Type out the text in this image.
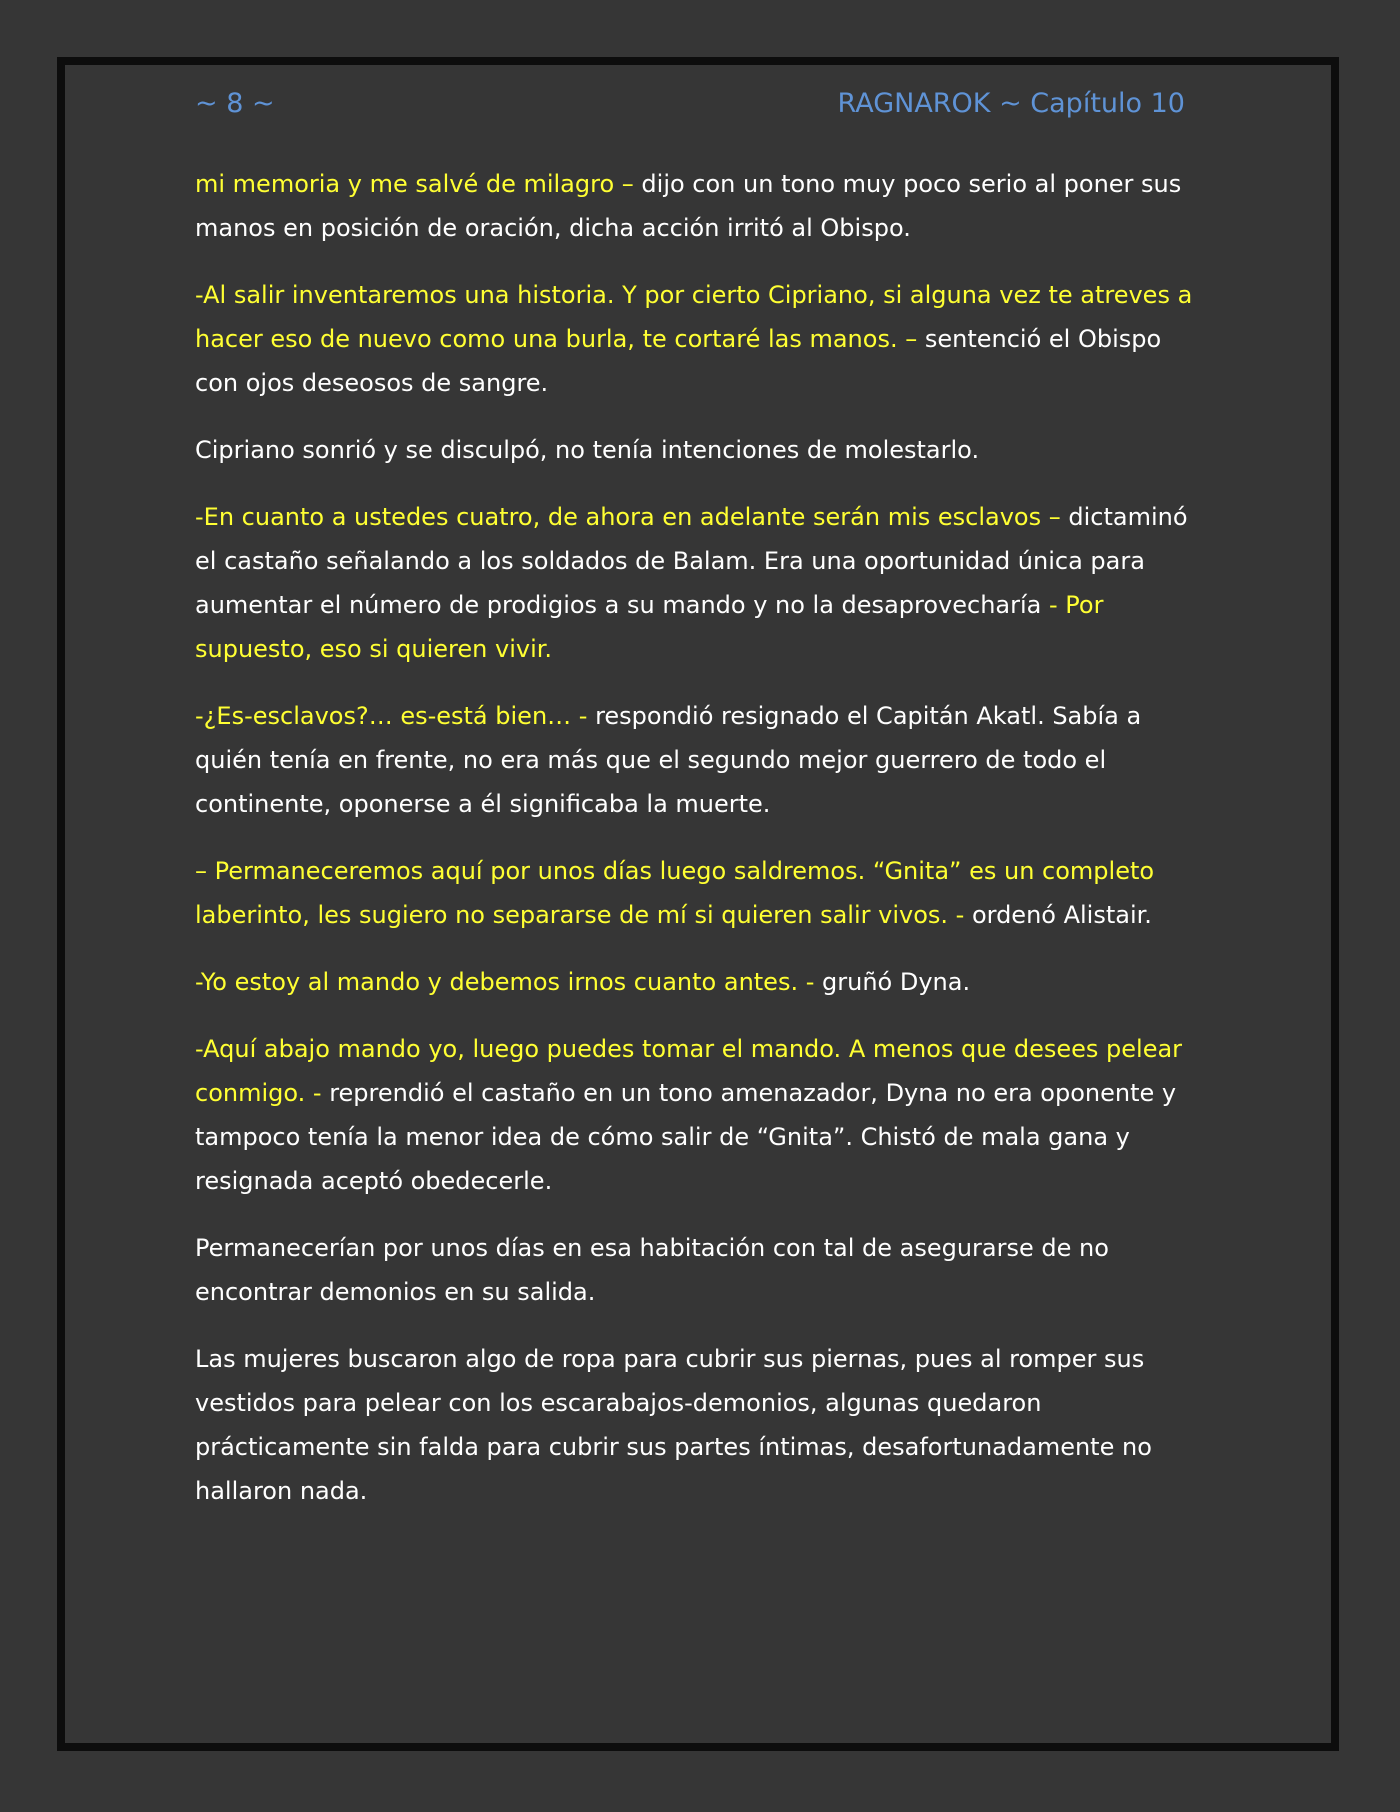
~ 8 ~	RAGNAROK ~ Capítulo 10

mi memoria y me salvé de milagro – dijo con un tono muy poco serio al poner sus manos en posición de oración, dicha acción irritó al Obispo.

-Al salir inventaremos una historia. Y por cierto Cipriano, si alguna vez te atreves a hacer eso de nuevo como una burla, te cortaré las manos. – sentenció el Obispo con ojos deseosos de sangre.

Cipriano sonrió y se disculpó, no tenía intenciones de molestarlo.

-En cuanto a ustedes cuatro, de ahora en adelante serán mis esclavos – dictaminó el castaño señalando a los soldados de Balam. Era una oportunidad única para aumentar el número de prodigios a su mando y no la desaprovecharía - Por supuesto, eso si quieren vivir.

-¿Es-esclavos?… es-está bien… - respondió resignado el Capitán Akatl. Sabía a quién tenía en frente, no era más que el segundo mejor guerrero de todo el continente, oponerse a él significaba la muerte.

– Permaneceremos aquí por unos días luego saldremos. “Gnita” es un completo laberinto, les sugiero no separarse de mí si quieren salir vivos. - ordenó Alistair.

-Yo estoy al mando y debemos irnos cuanto antes. - gruñó Dyna.

-Aquí abajo mando yo, luego puedes tomar el mando. A menos que desees pelear conmigo. - reprendió el castaño en un tono amenazador, Dyna no era oponente y tampoco tenía la menor idea de cómo salir de “Gnita”. Chistó de mala gana y resignada aceptó obedecerle.

Permanecerían por unos días en esa habitación con tal de asegurarse de no encontrar demonios en su salida.

Las mujeres buscaron algo de ropa para cubrir sus piernas, pues al romper sus vestidos para pelear con los escarabajos-demonios, algunas quedaron prácticamente sin falda para cubrir sus partes íntimas, desafortunadamente no hallaron nada.
